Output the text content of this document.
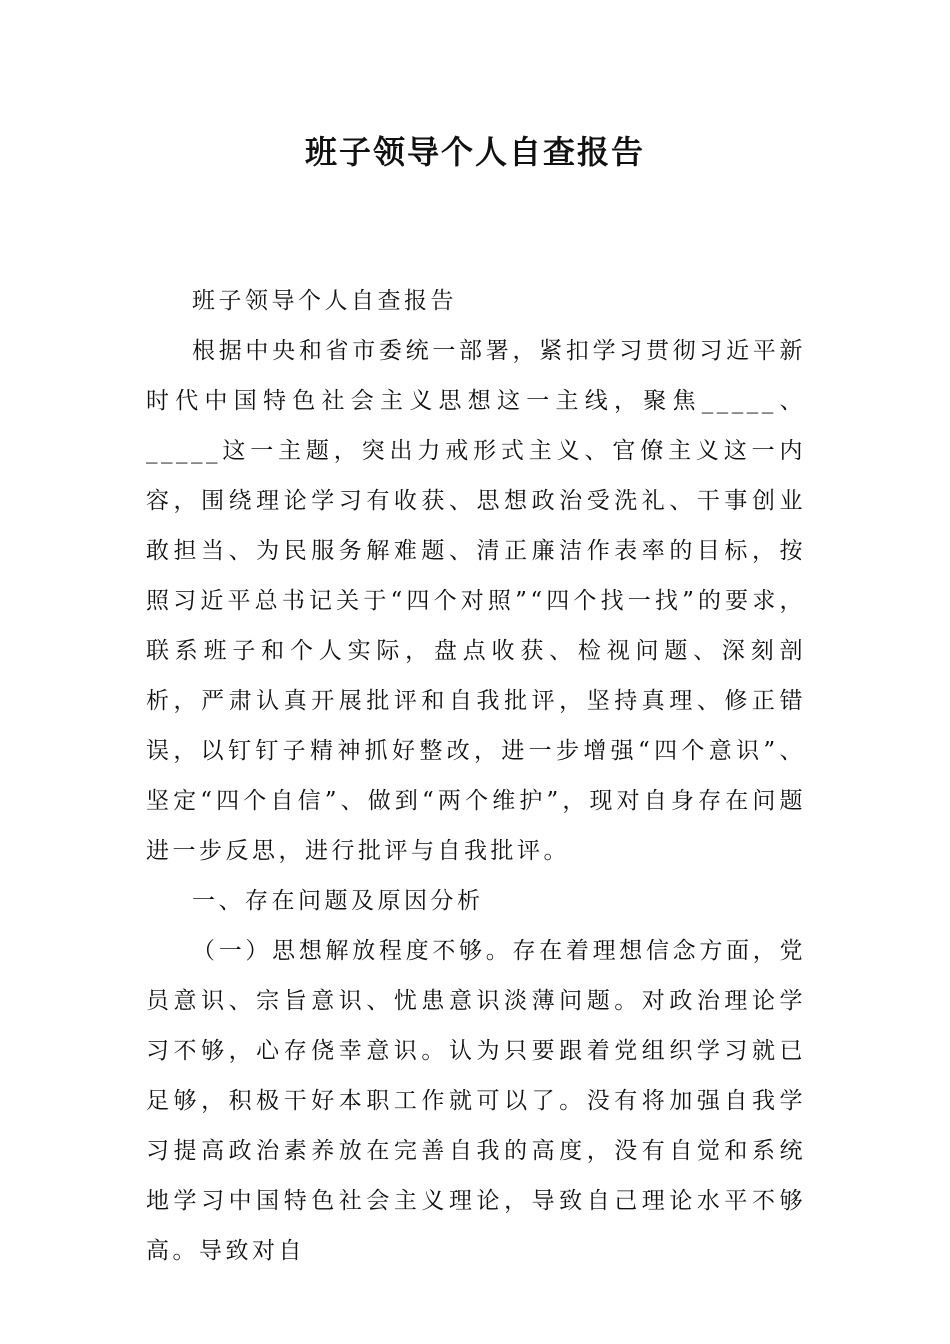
班子领导个人自查报告

班子领导个人自查报告

根据中央和省市委统一部署，紧扣学习贯彻习近平新时代中国特色社会主义思想这一主线，聚焦_____、_____这一主题，突出力戒形式主义、官僚主义这一内容，围绕理论学习有收获、思想政治受洗礼、干事创业敢担当、为民服务解难题、清正廉洁作表率的目标，按照习近平总书记关于“四个对照”“四个找一找”的要求，联系班子和个人实际，盘点收获、检视问题、深刻剖析，严肃认真开展批评和自我批评，坚持真理、修正错误，以钉钉子精神抓好整改，进一步增强“四个意识”、坚定“四个自信”、做到“两个维护”，现对自身存在问题进一步反思，进行批评与自我批评。

一、存在问题及原因分析

（一）思想解放程度不够。存在着理想信念方面，党员意识、宗旨意识、忧患意识淡薄问题。对政治理论学习不够，心存侥幸意识。认为只要跟着党组织学习就已足够，积极干好本职工作就可以了。没有将加强自我学习提高政治素养放在完善自我的高度，没有自觉和系统地学习中国特色社会主义理论，导致自己理论水平不够高。导致对自
